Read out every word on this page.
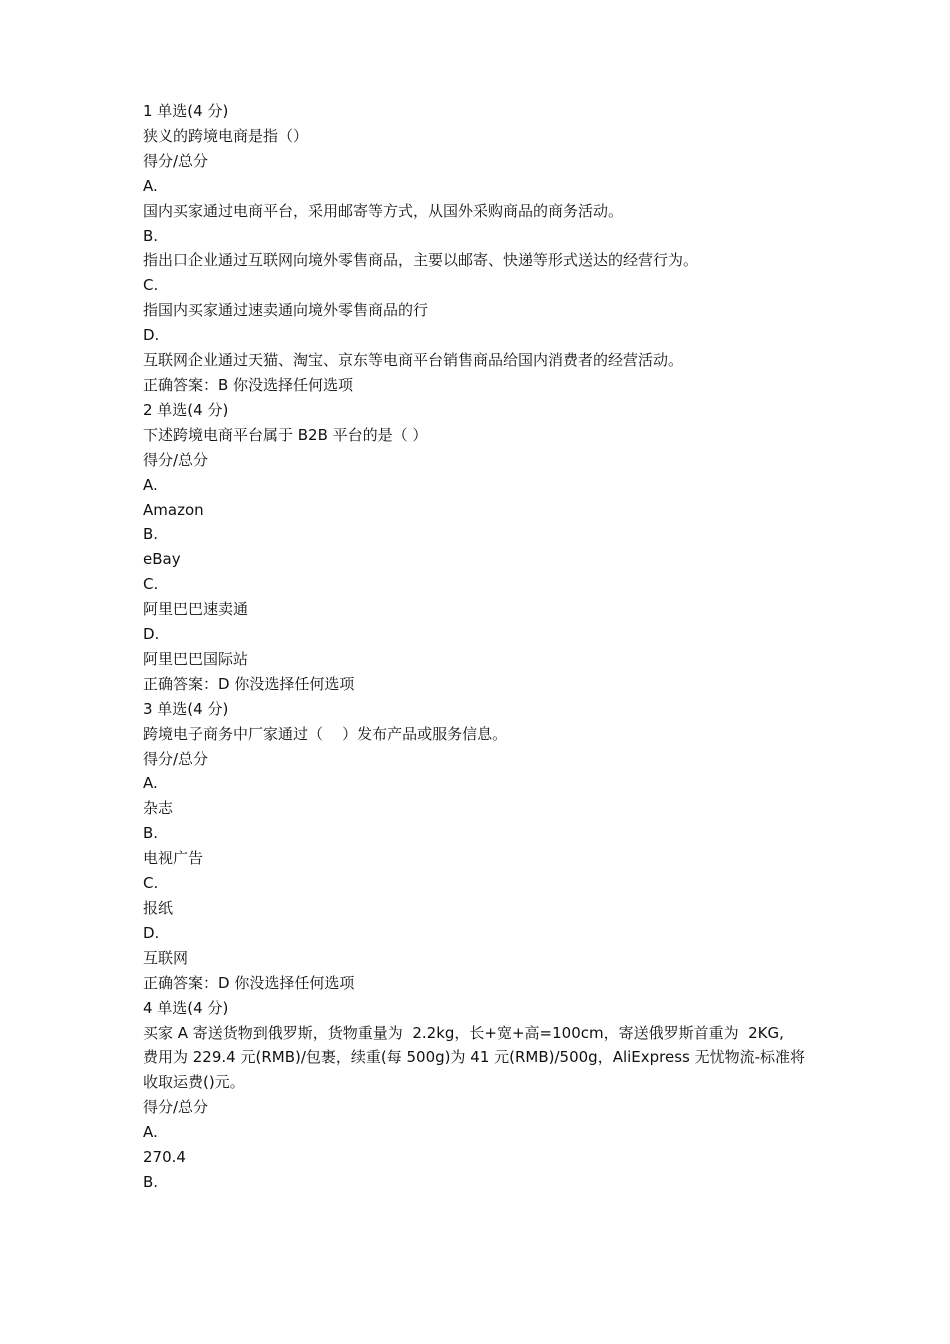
1 单选(4 分)
狭义的跨境电商是指（）
得分/总分
A.
国内买家通过电商平台，采用邮寄等方式，从国外采购商品的商务活动。
B.
指出口企业通过互联网向境外零售商品，主要以邮寄、快递等形式送达的经营行为。
C.
指国内买家通过速卖通向境外零售商品的行
D.
互联网企业通过天猫、淘宝、京东等电商平台销售商品给国内消费者的经营活动。
正确答案：B 你没选择任何选项
2 单选(4 分)
下述跨境电商平台属于 B2B 平台的是（ ）
得分/总分
A.
Amazon
B.
eBay
C.
阿里巴巴速卖通
D.
阿里巴巴国际站
正确答案：D 你没选择任何选项
3 单选(4 分)
跨境电子商务中厂家通过（    ）发布产品或服务信息。
得分/总分
A.
杂志
B.
电视广告
C.
报纸
D.
互联网
正确答案：D 你没选择任何选项
4 单选(4 分)
买家 A 寄送货物到俄罗斯，货物重量为  2.2kg，长+宽+高=100cm，寄送俄罗斯首重为  2KG,
费用为 229.4 元(RMB)/包裹，续重(每 500g)为 41 元(RMB)/500g，AliExpress 无忧物流-标准将
收取运费()元。
得分/总分
A.
270.4
B.
